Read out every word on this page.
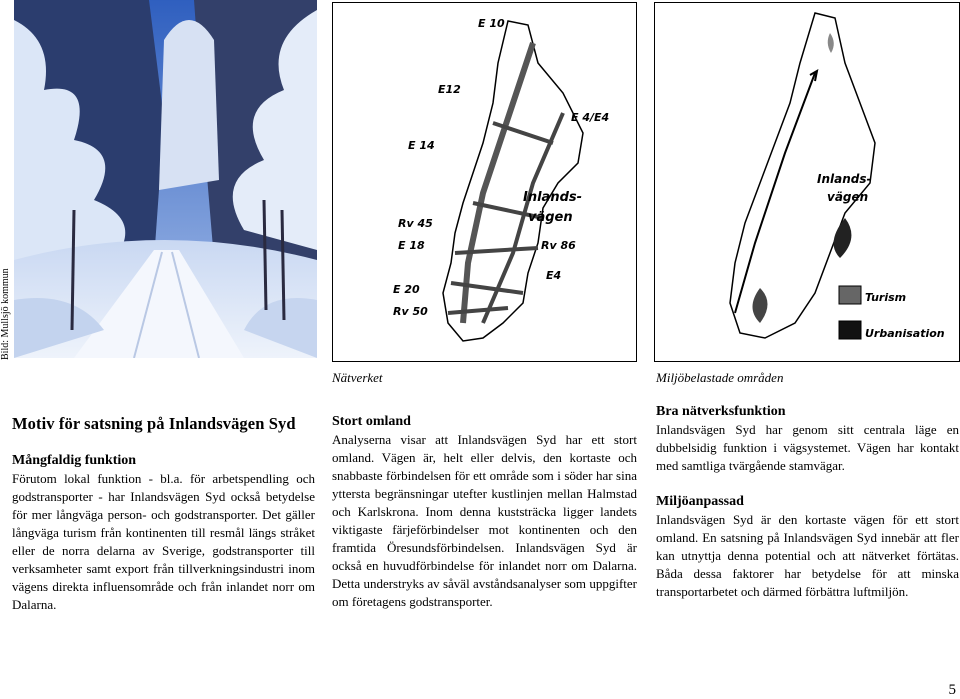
Bild: Mullsjö kommun
E 10
E12
E 14
Rv 45
E 18
E 20
Rv 50
E 4/E4
Inlands-
vägen
Rv 86
E4
Nätverket
Inlands-
vägen
Turism
Urbanisation
Miljöbelastade områden
Motiv för satsning på Inlandsvägen Syd

Mångfaldig funktion

Förutom lokal funktion - bl.a. för arbetspendling och godstransporter - har Inlandsvägen Syd också betydelse för mer långväga person- och godstransporter. Det gäller långväga turism från kontinenten till resmål längs stråket eller de norra delarna av Sverige, godstransporter till verksamheter samt export från tillverkningsindustri inom vägens direkta influensområde och från inlandet norr om Dalarna.

Stort omland

Analyserna visar att Inlandsvägen Syd har ett stort omland. Vägen är, helt eller delvis, den kortaste och snabbaste förbindelsen för ett område som i söder har sina yttersta begränsningar utefter kustlinjen mellan Halmstad och Karlskrona. Inom denna kuststräcka ligger landets viktigaste färjeförbindelser mot kontinenten och den framtida Öresundsförbindelsen. Inlandsvägen Syd är också en huvudförbindelse för inlandet norr om Dalarna. Detta understryks av såväl avståndsanalyser som uppgifter om företagens godstransporter.

Bra nätverksfunktion

Inlandsvägen Syd har genom sitt centrala läge en dubbelsidig funktion i vägsystemet. Vägen har kontakt med samtliga tvärgående stamvägar.

Miljöanpassad

Inlandsvägen Syd är den kortaste vägen för ett stort omland. En satsning på Inlandsvägen Syd innebär att fler kan utnyttja denna potential och att nätverket förtätas. Båda dessa faktorer har betydelse för att minska transportarbetet och därmed förbättra luftmiljön.

5
